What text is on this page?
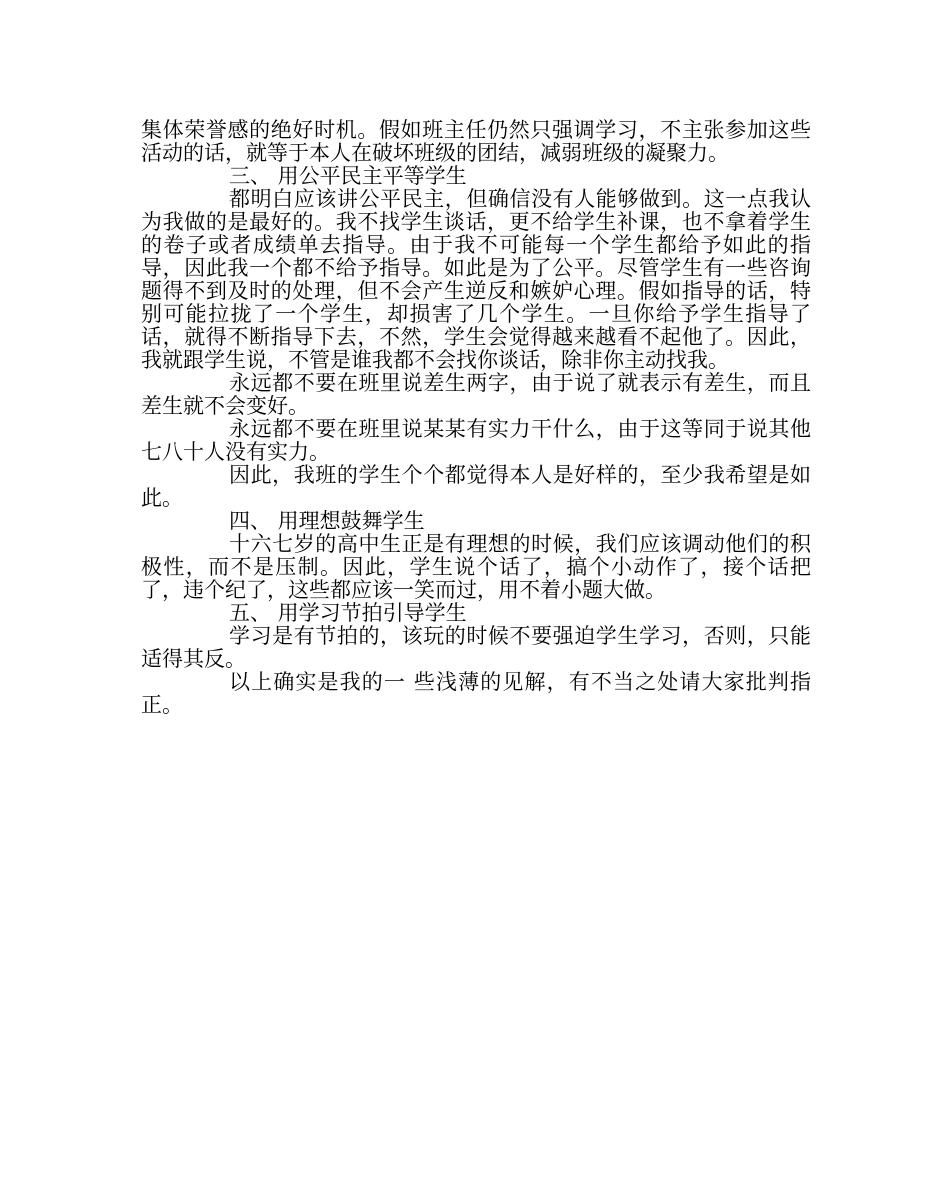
集体荣誉感的绝好时机。假如班主任仍然只强调学习，不主张参加这些活动的话，就等于本人在破坏班级的团结，减弱班级的凝聚力。

三、 用公平民主平等学生

都明白应该讲公平民主，但确信没有人能够做到。这一点我认为我做的是最好的。我不找学生谈话，更不给学生补课，也不拿着学生的卷子或者成绩单去指导。由于我不可能每一个学生都给予如此的指导，因此我一个都不给予指导。如此是为了公平。尽管学生有一些咨询题得不到及时的处理，但不会产生逆反和嫉妒心理。假如指导的话，特别可能拉拢了一个学生，却损害了几个学生。一旦你给予学生指导了话，就得不断指导下去，不然，学生会觉得越来越看不起他了。因此，我就跟学生说，不管是谁我都不会找你谈话，除非你主动找我。

永远都不要在班里说差生两字，由于说了就表示有差生，而且差生就不会变好。

永远都不要在班里说某某有实力干什么，由于这等同于说其他七八十人没有实力。

因此，我班的学生个个都觉得本人是好样的，至少我希望是如此。

四、 用理想鼓舞学生

十六七岁的高中生正是有理想的时候，我们应该调动他们的积极性，而不是压制。因此，学生说个话了，搞个小动作了，接个话把了，违个纪了，这些都应该一笑而过，用不着小题大做。

五、 用学习节拍引导学生

学习是有节拍的，该玩的时候不要强迫学生学习，否则，只能适得其反。

以上确实是我的一 些浅薄的见解，有不当之处请大家批判指正。
